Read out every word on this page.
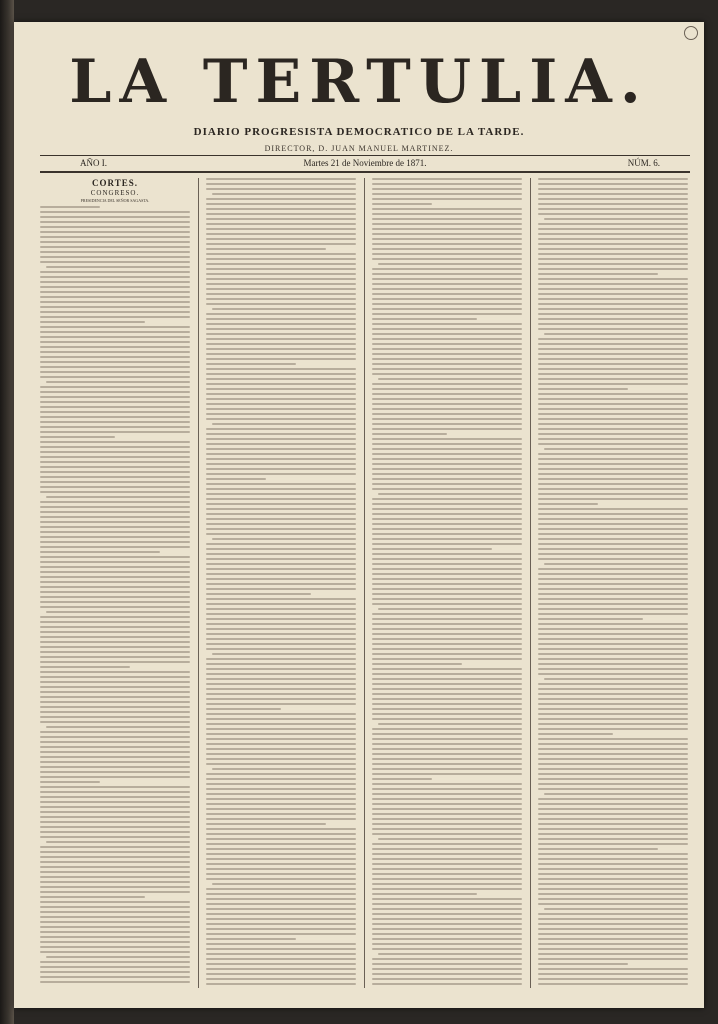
LA TERTULIA.
DIARIO PROGRESISTA DEMOCRATICO DE LA TARDE.
DIRECTOR, D. JUAN MANUEL MARTINEZ.
AÑO I.	Martes 21 de Noviembre de 1871.	NÚM. 6.
CORTES.
CONGRESO.
PRESIDENCIA DEL SEÑOR SAGASTA.
